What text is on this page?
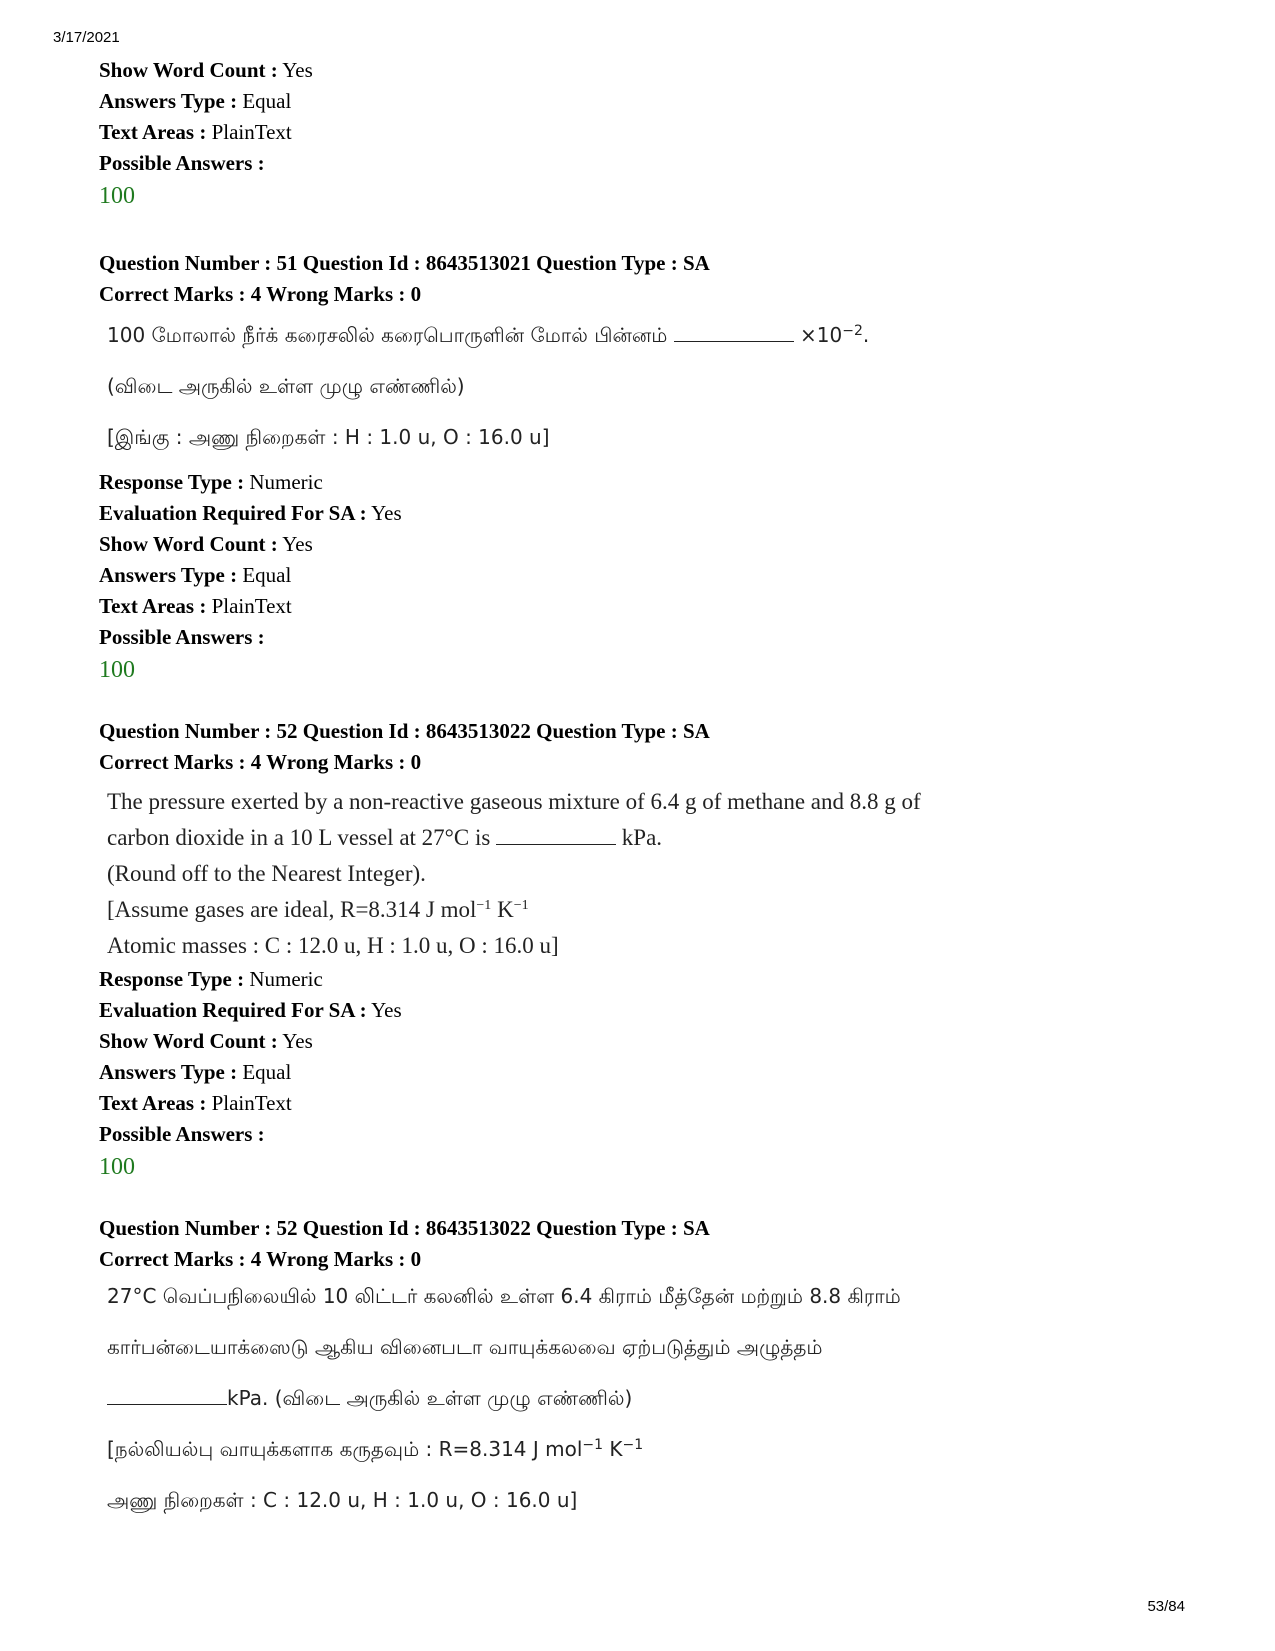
3/17/2021
Show Word Count : Yes
Answers Type : Equal
Text Areas : PlainText
Possible Answers :
100
Question Number : 51 Question Id : 8643513021 Question Type : SA
Correct Marks : 4 Wrong Marks : 0
100 மோலால் நீர்க் கரைசலில் கரைபொருளின் மோல் பின்னம்	$\times 10^{-2}$.
(விடை அருகில் உள்ள முழு எண்ணில்)
[இங்கு : அணு நிறைகள் : H : 1.0 u, O : 16.0 u]
Response Type : Numeric
Evaluation Required For SA : Yes
Show Word Count : Yes
Answers Type : Equal
Text Areas : PlainText
Possible Answers :
100
Question Number : 52 Question Id : 8643513022 Question Type : SA
Correct Marks : 4 Wrong Marks : 0
The pressure exerted by a non-reactive gaseous mixture of 6.4 g of methane and 8.8 g of
carbon dioxide in a 10 L vessel at 27°C is	kPa.
(Round off to the Nearest Integer).
[Assume gases are ideal, R=8.314 J mol$^{-1}$ $K^{-1}$
Atomic masses : C : 12.0 u, H : 1.0 u, O : 16.0 u]
Response Type : Numeric
Evaluation Required For SA : Yes
Show Word Count : Yes
Answers Type : Equal
Text Areas : PlainText
Possible Answers :
100
Question Number : 52 Question Id : 8643513022 Question Type : SA
Correct Marks : 4 Wrong Marks : 0
27°C வெப்பநிலையில் 10 லிட்டர் கலனில் உள்ள 6.4 கிராம் மீத்தேன் மற்றும் 8.8 கிராம்
கார்பன்டையாக்ஸைடு ஆகிய வினைபடா வாயுக்கலவை ஏற்படுத்தும் அழுத்தம்
kPa. (விடை அருகில் உள்ள முழு எண்ணில்)
[நல்லியல்பு வாயுக்களாக கருதவும் : R=8.314 J mol$^{-1}$ $K^{-1}$
அணு நிறைகள் : C : 12.0 u, H : 1.0 u, O : 16.0 u]
53/84
